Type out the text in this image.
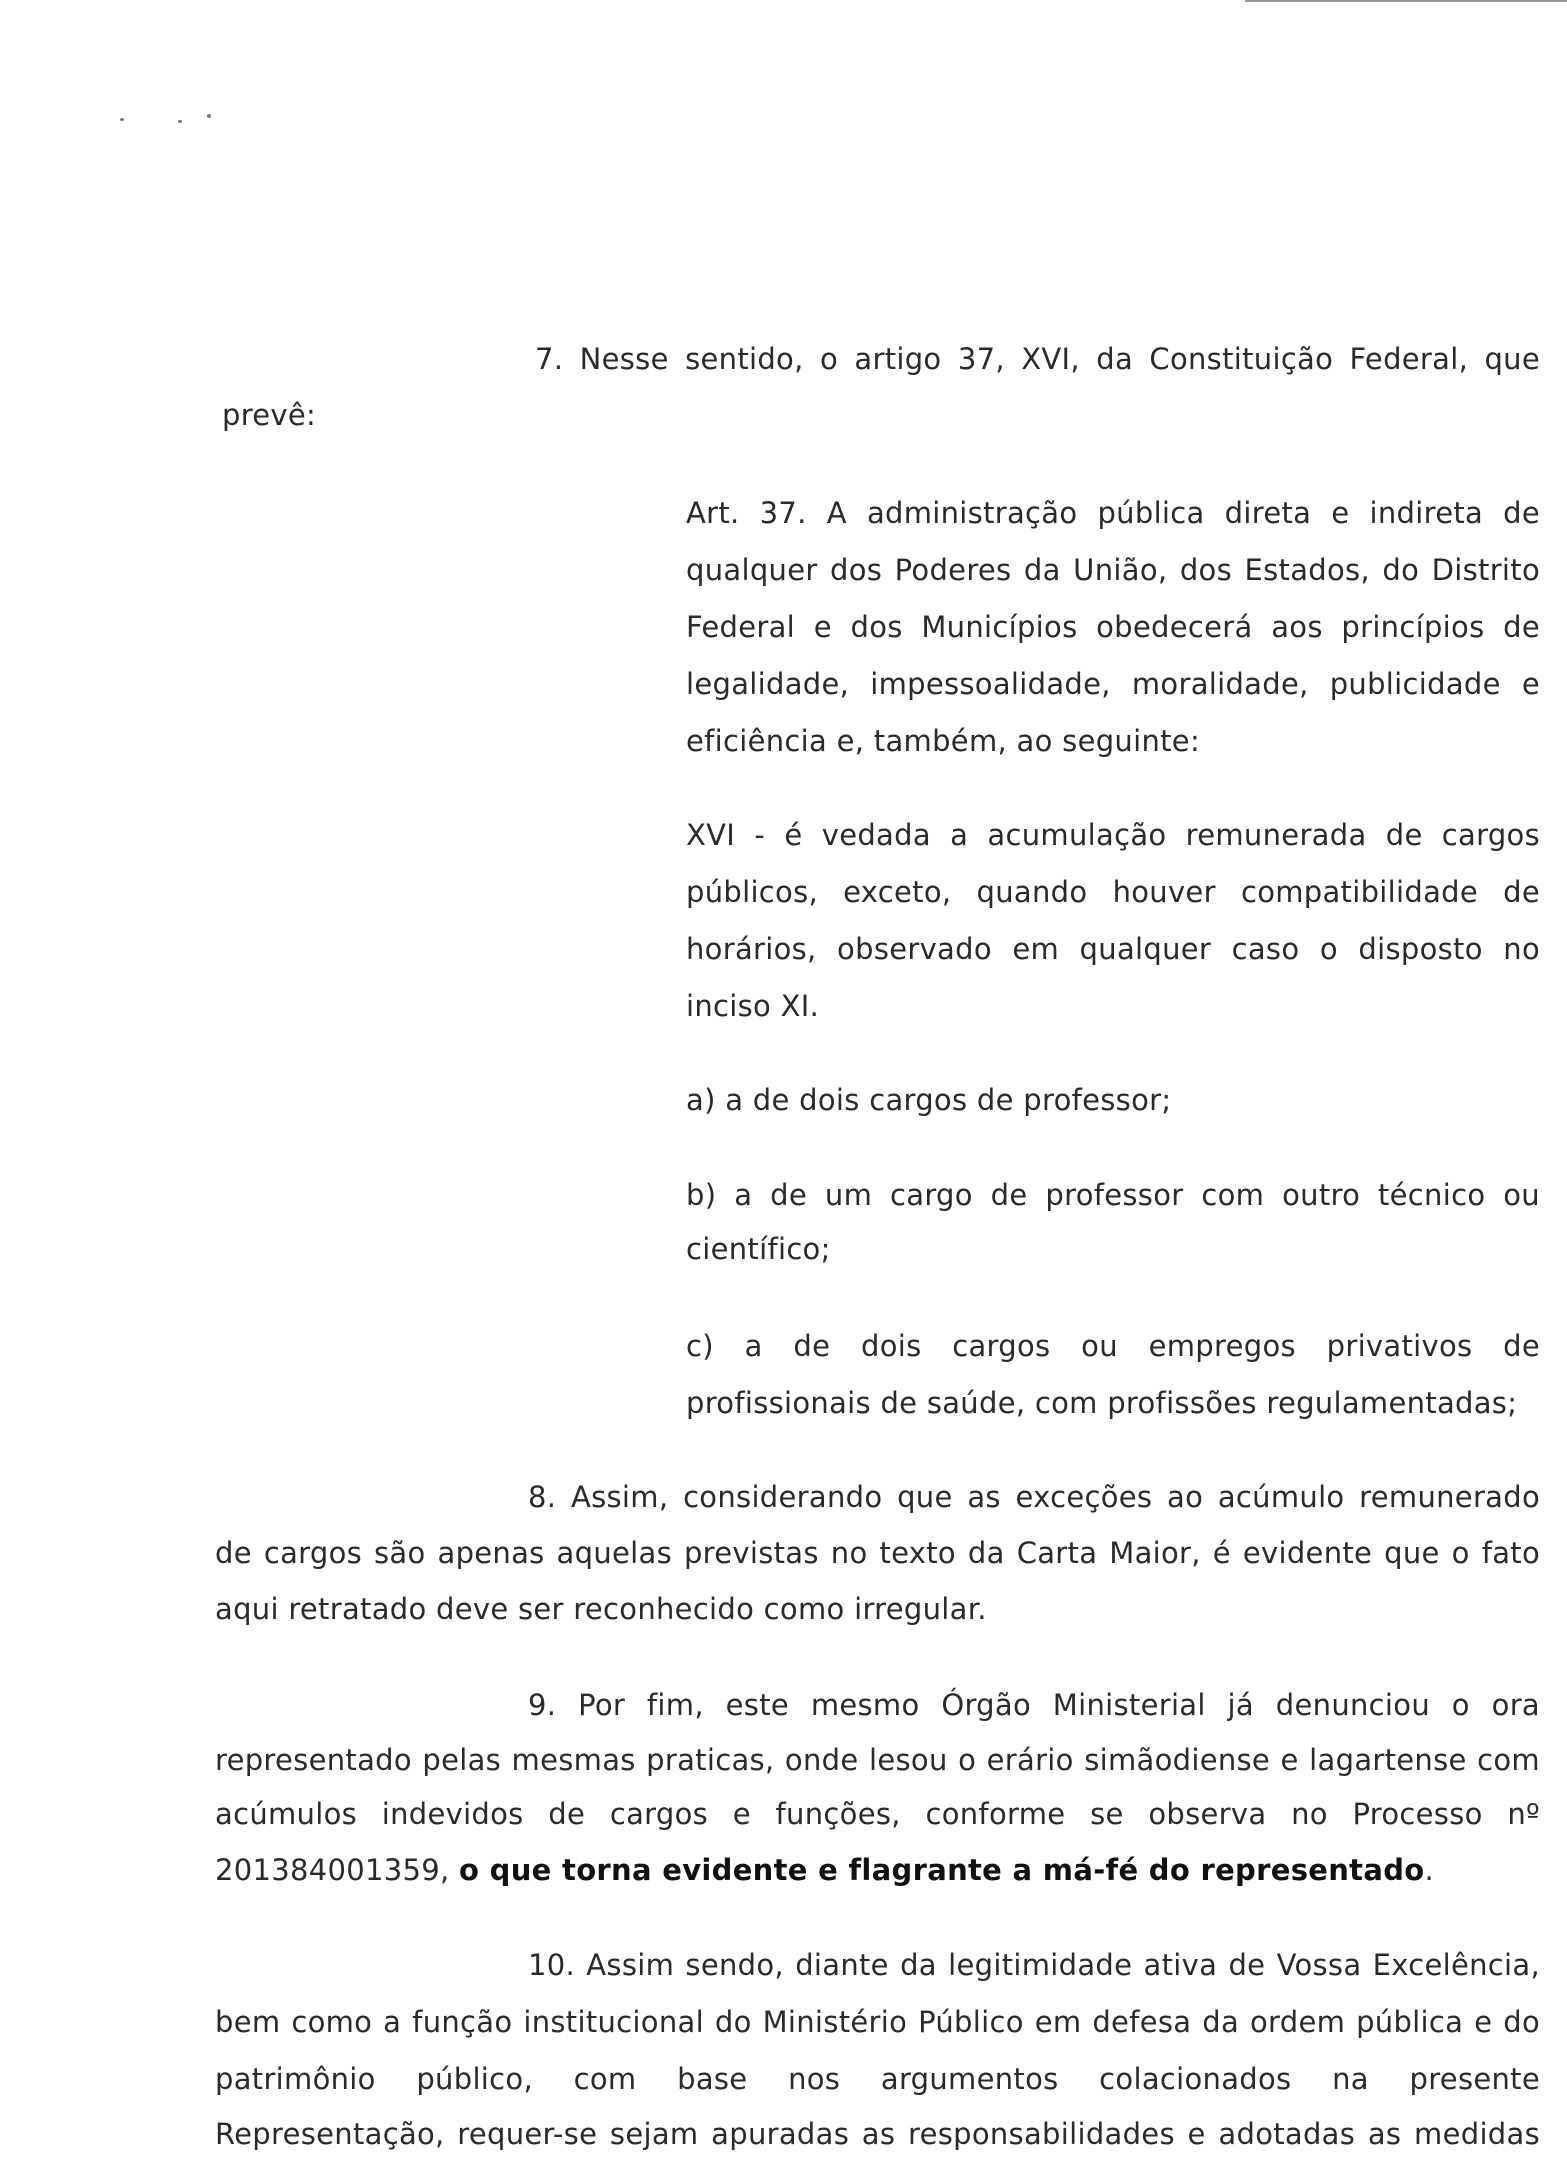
7. Nesse sentido, o artigo 37, XVI, da Constituição Federal, que
prevê:
Art. 37. A administração pública direta e indireta de
qualquer dos Poderes da União, dos Estados, do Distrito
Federal e dos Municípios obedecerá aos princípios de
legalidade, impessoalidade, moralidade, publicidade e
eficiência e, também, ao seguinte:
XVI - é vedada a acumulação remunerada de cargos
públicos, exceto, quando houver compatibilidade de
horários, observado em qualquer caso o disposto no
inciso XI.
a) a de dois cargos de professor;
b) a de um cargo de professor com outro técnico ou
científico;
c) a de dois cargos ou empregos privativos de
profissionais de saúde, com profissões regulamentadas;
8. Assim, considerando que as exceções ao acúmulo remunerado
de cargos são apenas aquelas previstas no texto da Carta Maior, é evidente que o fato
aqui retratado deve ser reconhecido como irregular.
9. Por fim, este mesmo Órgão Ministerial já denunciou o ora
representado pelas mesmas praticas, onde lesou o erário simãodiense e lagartense com
acúmulos indevidos de cargos e funções, conforme se observa no Processo nº
201384001359, o que torna evidente e flagrante a má-fé do representado.
10. Assim sendo, diante da legitimidade ativa de Vossa Excelência,
bem como a função institucional do Ministério Público em defesa da ordem pública e do
patrimônio público, com base nos argumentos colacionados na presente
Representação, requer-se sejam apuradas as responsabilidades e adotadas as medidas
